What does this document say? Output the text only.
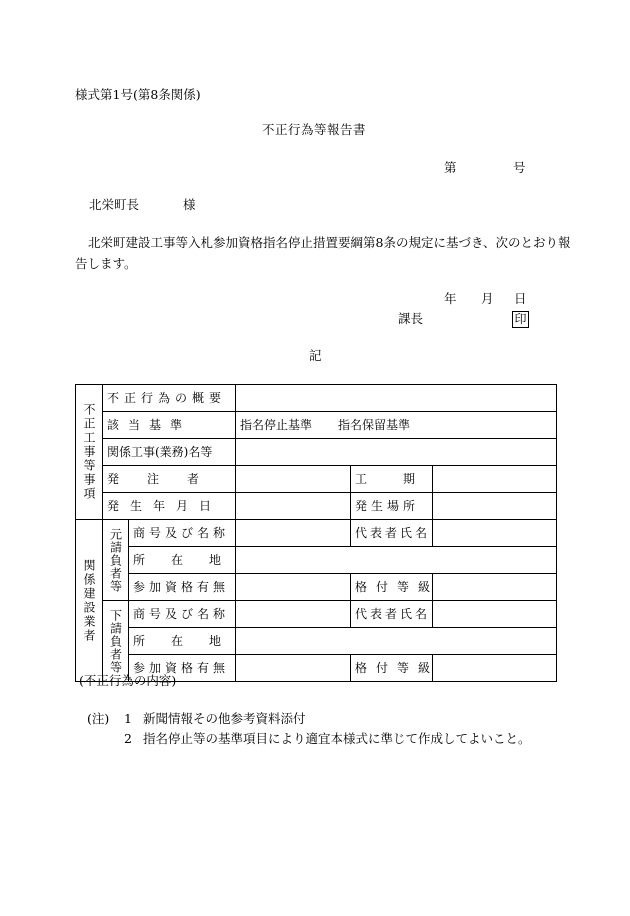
様式第1号(第8条関係)
不正行為等報告書
第	号
北栄町長	様
北栄町建設工事等入札参加資格指名停止措置要綱第8条の規定に基づき、次のとおり報
告します。
年 月 日
課長	印
記
不正工事等事項	不正行為の概要				
	該当基準		指名停止基準 指名保留基準		
	関係工事(業務)名等				
	発注者			工期	
	発生年月日			発生場所	
関係建設業者	元請負者等	商号及び名称		代表者氏名	
		所在地			
		参加資格有無		格付等級	
	下請負者等	商号及び名称		代表者氏名	
		所在地			
		参加資格有無		格付等級	
(不正行為の内容)
(注) 1 新聞情報その他参考資料添付
2 指名停止等の基準項目により適宜本様式に準じて作成してよいこと。
